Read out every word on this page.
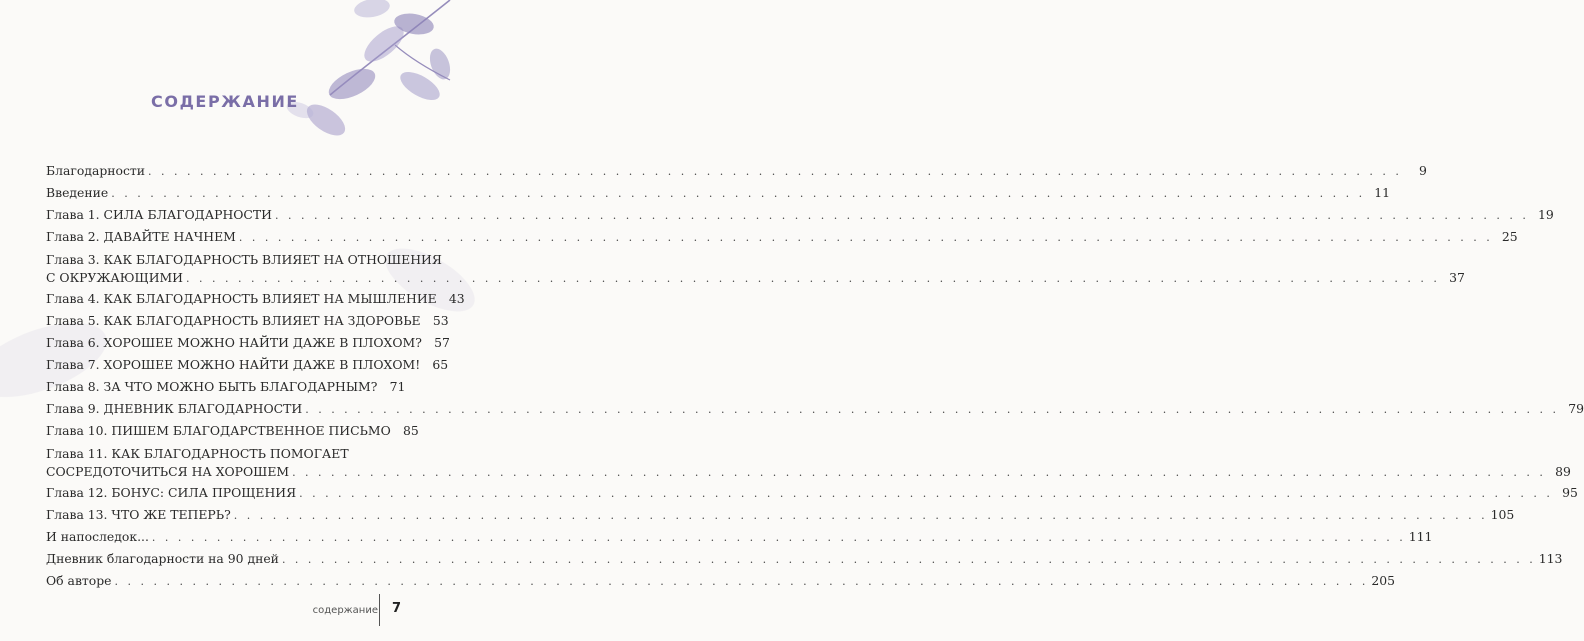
СОДЕРЖАНИЕ
Благодарности . . .	9
Введение . . .	11
Глава 1. СИЛА БЛАГОДАРНОСТИ . . .	19
Глава 2. ДАВАЙТЕ НАЧНЕМ . . .	25
Глава 3. КАК БЛАГОДАРНОСТЬ ВЛИЯЕТ НА ОТНОШЕНИЯ
С ОКРУЖАЮЩИМИ . . .	37
Глава 4. КАК БЛАГОДАРНОСТЬ ВЛИЯЕТ НА МЫШЛЕНИЕ 43
Глава 5. КАК БЛАГОДАРНОСТЬ ВЛИЯЕТ НА ЗДОРОВЬЕ 53
Глава 6. ХОРОШЕЕ МОЖНО НАЙТИ ДАЖЕ В ПЛОХОМ? 57
Глава 7. ХОРОШЕЕ МОЖНО НАЙТИ ДАЖЕ В ПЛОХОМ! 65
Глава 8. ЗА ЧТО МОЖНО БЫТЬ БЛАГОДАРНЫМ? 71
Глава 9. ДНЕВНИК БЛАГОДАРНОСТИ . . .	79
Глава 10. ПИШЕМ БЛАГОДАРСТВЕННОЕ ПИСЬМО 85
Глава 11. КАК БЛАГОДАРНОСТЬ ПОМОГАЕТ
СОСРЕДОТОЧИТЬСЯ НА ХОРОШЕМ . . .	89
Глава 12. БОНУС: СИЛА ПРОЩЕНИЯ . . .	95
Глава 13. ЧТО ЖЕ ТЕПЕРЬ? . . .	105
И напоследок... . . .	111
Дневник благодарности на 90 дней . . .	113
Об авторе . . .	205
содержание 7
